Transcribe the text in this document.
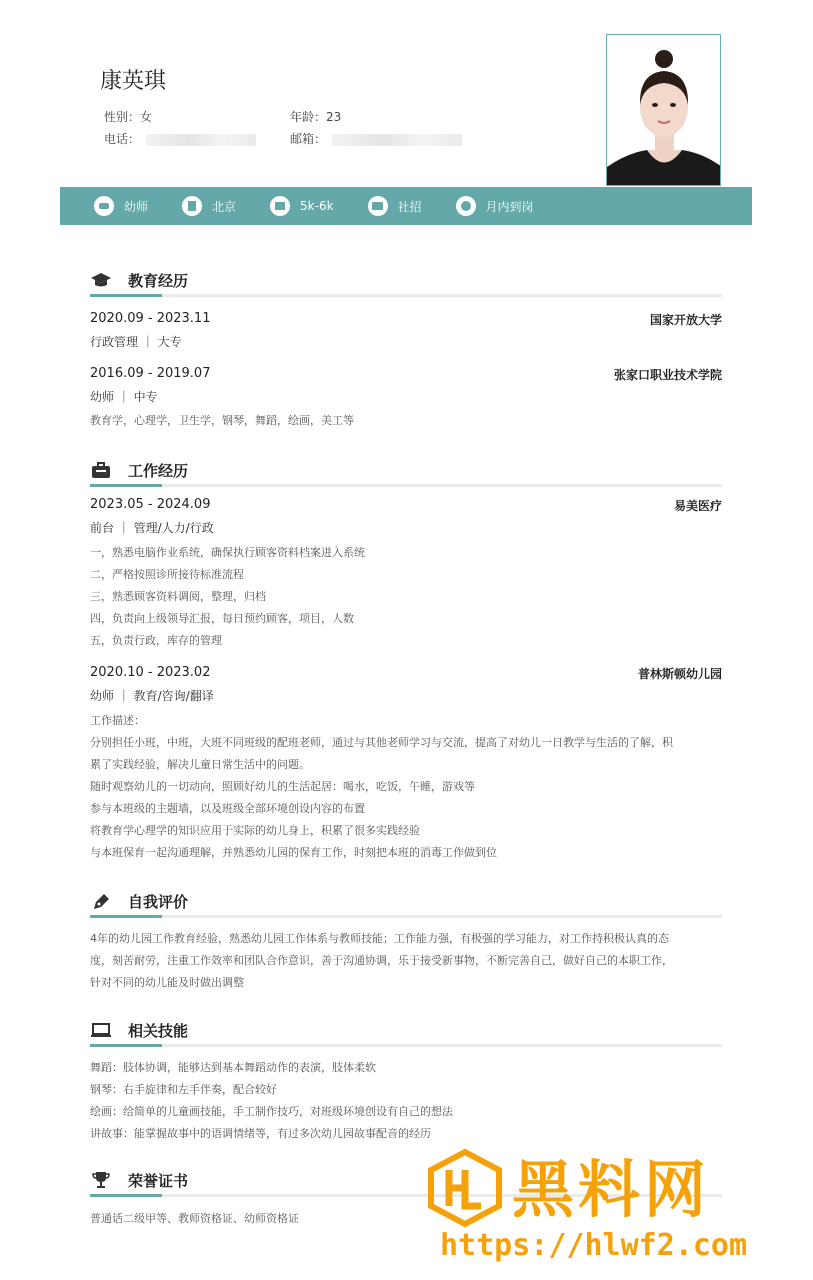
康英琪
性别：女	年龄：23
电话：	邮箱：
幼师	北京	5k-6k	社招	月内到岗
教育经历
2020.09 - 2023.11	国家开放大学
行政管理 ｜ 大专
2016.09 - 2019.07	张家口职业技术学院
幼师 ｜ 中专
教育学，心理学，卫生学，钢琴，舞蹈，绘画，美工等
工作经历
2023.05 - 2024.09	易美医疗
前台 ｜ 管理/人力/行政
一，熟悉电脑作业系统，确保执行顾客资料档案进入系统
二，严格按照诊所接待标准流程
三，熟悉顾客资料调阅，整理，归档
四，负责向上级领导汇报，每日预约顾客，项目，人数
五，负责行政，库存的管理
2020.10 - 2023.02	普林斯顿幼儿园
幼师 ｜ 教育/咨询/翻译
工作描述：
分别担任小班，中班，大班不同班级的配班老师，通过与其他老师学习与交流，提高了对幼儿一日教学与生活的了解，积
累了实践经验，解决儿童日常生活中的问题。
随时观察幼儿的一切动向，照顾好幼儿的生活起居：喝水，吃饭，午睡，游戏等
参与本班级的主题墙，以及班级全部环境创设内容的布置
将教育学心理学的知识应用于实际的幼儿身上，积累了很多实践经验
与本班保育一起沟通理解，并熟悉幼儿园的保育工作，时刻把本班的消毒工作做到位
自我评价
4年的幼儿园工作教育经验，熟悉幼儿园工作体系与教师技能；工作能力强，有极强的学习能力，对工作持积极认真的态
度，刻苦耐劳，注重工作效率和团队合作意识，善于沟通协调，乐于接受新事物，不断完善自己，做好自己的本职工作，
针对不同的幼儿能及时做出调整
相关技能
舞蹈：肢体协调，能够达到基本舞蹈动作的表演，肢体柔软
钢琴：右手旋律和左手伴奏，配合较好
绘画：给简单的儿童画技能，手工制作技巧，对班级环境创设有自己的想法
讲故事：能掌握故事中的语调情绪等，有过多次幼儿园故事配音的经历
荣誉证书
普通话二级甲等、教师资格证、幼师资格证	黑料网
https://hlwf2.com
